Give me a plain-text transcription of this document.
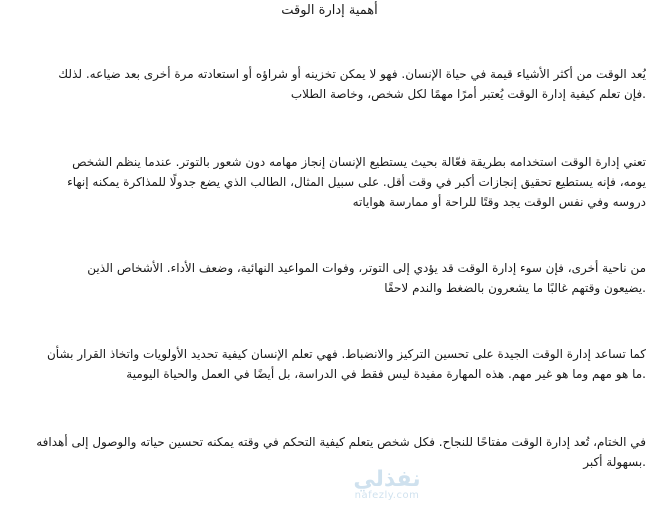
أهمية إدارة الوقت

يُعد الوقت من أكثر الأشياء قيمة في حياة الإنسان. فهو لا يمكن تخزينه أو شراؤه أو استعادته مرة أخرى بعد ضياعه. لذلك
.فإن تعلم كيفية إدارة الوقت يُعتبر أمرًا مهمًا لكل شخص، وخاصة الطلاب

تعني إدارة الوقت استخدامه بطريقة فعّالة بحيث يستطيع الإنسان إنجاز مهامه دون شعور بالتوتر. عندما ينظم الشخص
يومه، فإنه يستطيع تحقيق إنجازات أكبر في وقت أقل. على سبيل المثال، الطالب الذي يضع جدولًا للمذاكرة يمكنه إنهاء
دروسه وفي نفس الوقت يجد وقتًا للراحة أو ممارسة هواياته

من ناحية أخرى، فإن سوء إدارة الوقت قد يؤدي إلى التوتر، وفوات المواعيد النهائية، وضعف الأداء. الأشخاص الذين
.يضيعون وقتهم غالبًا ما يشعرون بالضغط والندم لاحقًا

كما تساعد إدارة الوقت الجيدة على تحسين التركيز والانضباط. فهي تعلم الإنسان كيفية تحديد الأولويات واتخاذ القرار بشأن
.ما هو مهم وما هو غير مهم. هذه المهارة مفيدة ليس فقط في الدراسة، بل أيضًا في العمل والحياة اليومية

في الختام، تُعد إدارة الوقت مفتاحًا للنجاح. فكل شخص يتعلم كيفية التحكم في وقته يمكنه تحسين حياته والوصول إلى أهدافه
.بسهولة أكبر

نفذلي
nafezly.com
